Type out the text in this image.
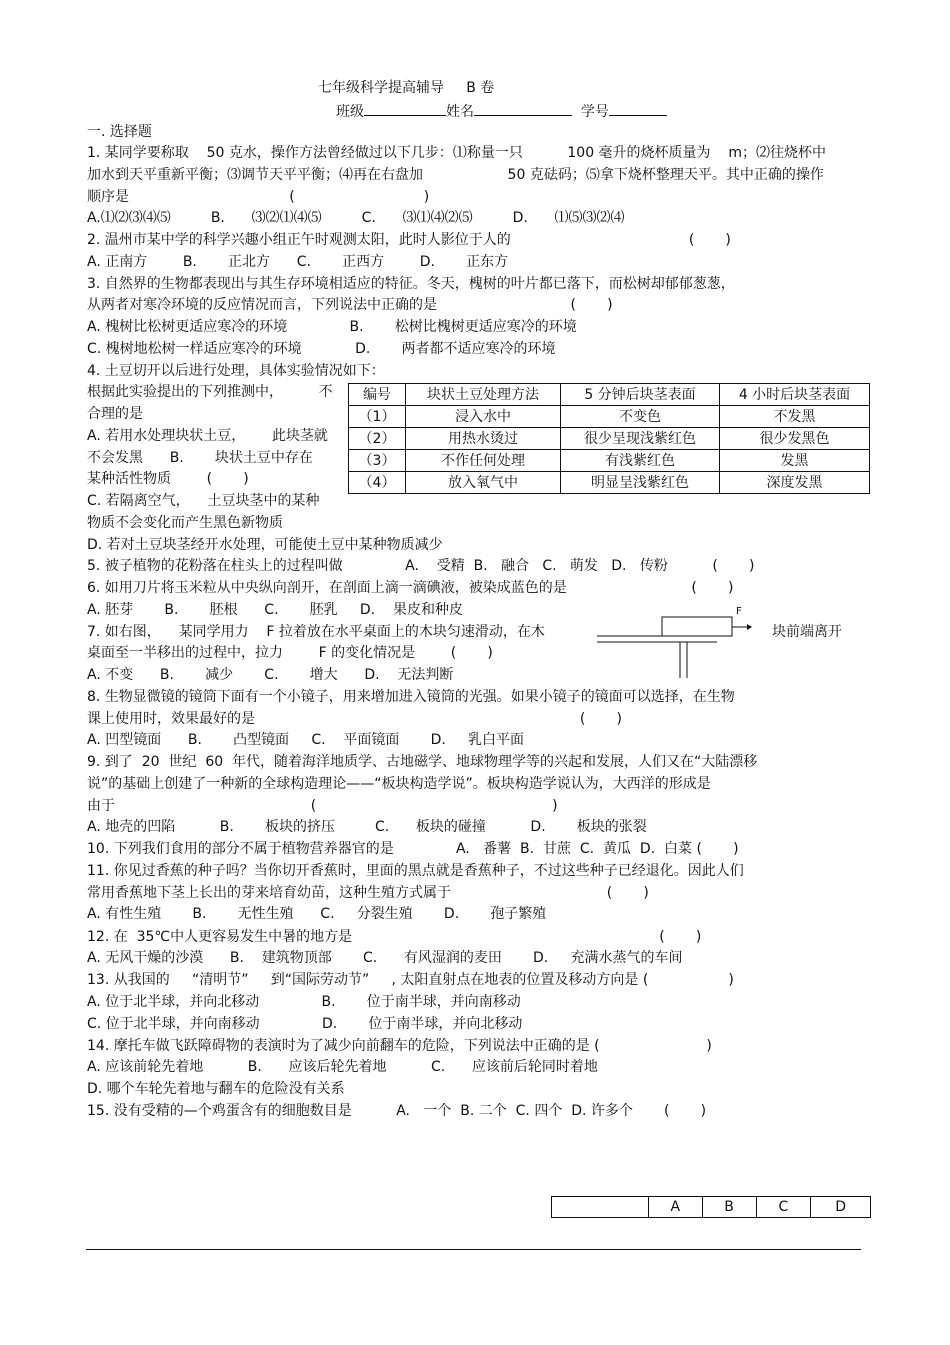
七年级科学提高辅导     B 卷
班级	姓名	学号
一. 选择题
1. 某同学要称取    50 克水，操作方法曾经做过以下几步：⑴称量一只          100 毫升的烧杯质量为    m；⑵往烧杯中
加水到天平重新平衡；⑶调节天平平衡；⑷再在右盘加                   50 克砝码；⑸拿下烧杯整理天平。其中正确的操作
顺序是                                    (                             )
A.⑴⑵⑶⑷⑸         B.      ⑶⑵⑴⑷⑸         C.      ⑶⑴⑷⑵⑸         D.      ⑴⑸⑶⑵⑷
2. 温州市某中学的科学兴趣小组正午时观测太阳，此时人影位于人的                                        (       )
A. 正南方        B.       正北方      C.       正西方        D.       正东方
3. 自然界的生物都表现出与其生存环境相适应的特征。冬天，槐树的叶片都已落下，而松树却郁郁葱葱，
从两者对寒冷环境的反应情况而言，下列说法中正确的是                              (       )
A. 槐树比松树更适应寒冷的环境              B.       松树比槐树更适应寒冷的环境
C. 槐树地松树一样适应寒冷的环境            D.       两者都不适应寒冷的环境
4. 土豆切开以后进行处理，具体实验情况如下：
根据此实验提出的下列推测中，        不
合理的是
A. 若用水处理块状土豆，      此块茎就
不会发黑      B.       块状土豆中存在
某种活性物质        (       )
C. 若隔离空气，    土豆块茎中的某种
物质不会变化而产生黑色新物质
编号	块状土豆处理方法	5 分钟后块茎表面	4 小时后块茎表面
（1）	浸入水中	不变色	不发黑
（2）	用热水烫过	很少呈现浅紫红色	很少发黑色
（3）	不作任何处理	有浅紫红色	发黑
（4）	放入氧气中	明显呈浅紫红色	深度发黑
D. 若对土豆块茎经开水处理，可能使土豆中某种物质减少
5. 被子植物的花粉落在柱头上的过程叫做              A.    受精  B.   融合   C.   萌发   D.   传粉          (       )
6. 如用刀片将玉米粒从中央纵向剖开，在剖面上滴一滴碘液，被染成蓝色的是                            (       )
A. 胚芽       B.       胚根      C.       胚乳     D.    果皮和种皮
7. 如右图，    某同学用力    F 拉着放在水平桌面上的木块匀速滑动，在木	块前端离开
桌面至一半移出的过程中，拉力        F 的变化情况是        (       )
A. 不变      B.       减少       C.       增大      D.    无法判断
F
8. 生物显微镜的镜筒下面有一个小镜子，用来增加进入镜筒的光强。如果小镜子的镜面可以选择，在生物
课上使用时，效果最好的是                                                                         (       )
A. 凹型镜面      B.       凸型镜面     C.    平面镜面       D.     乳白平面
9. 到了  20  世纪  60  年代，随着海洋地质学、古地磁学、地球物理学等的兴起和发展，人们又在“大陆漂移
说”的基础上创建了一种新的全球构造理论——“板块构造学说”。板块构造学说认为，大西洋的形成是
由于                                            (                                                     )
A. 地壳的凹陷          B.       板块的挤压         C.      板块的碰撞          D.       板块的张裂
10. 下列我们食用的部分不属于植物营养器官的是              A.   番薯  B.  甘蔗  C.  黄瓜  D.  白菜 (       )
11. 你见过香蕉的种子吗？当你切开香蕉时，里面的黑点就是香蕉种子，不过这些种子已经退化。因此人们
常用香蕉地下茎上长出的芽来培育幼苗，这种生殖方式属于                                   (       )
A. 有性生殖       B.       无性生殖      C.     分裂生殖       D.       孢子繁殖
12. 在  35℃中人更容易发生中暑的地方是                                                                     (       )
A. 无风干燥的沙漠      B.    建筑物顶部       C.      有风湿润的麦田       D.     充满水蒸气的车间
13. 从我国的     “清明节”     到“国际劳动节”     , 太阳直射点在地表的位置及移动方向是 (                  )
A. 位于北半球，并向北移动              B.       位于南半球，并向南移动
C. 位于北半球，并向南移动              D.       位于南半球，并向北移动
14. 摩托车做飞跃障碍物的表演时为了减少向前翻车的危险，下列说法中正确的是 (                        )
A. 应该前轮先着地          B.      应该后轮先着地          C.      应该前后轮同时着地
D. 哪个车轮先着地与翻车的危险没有关系
15. 没有受精的—个鸡蛋含有的细胞数目是          A.   一个  B. 二个  C. 四个  D. 许多个       (       )
	A	B	C	D
